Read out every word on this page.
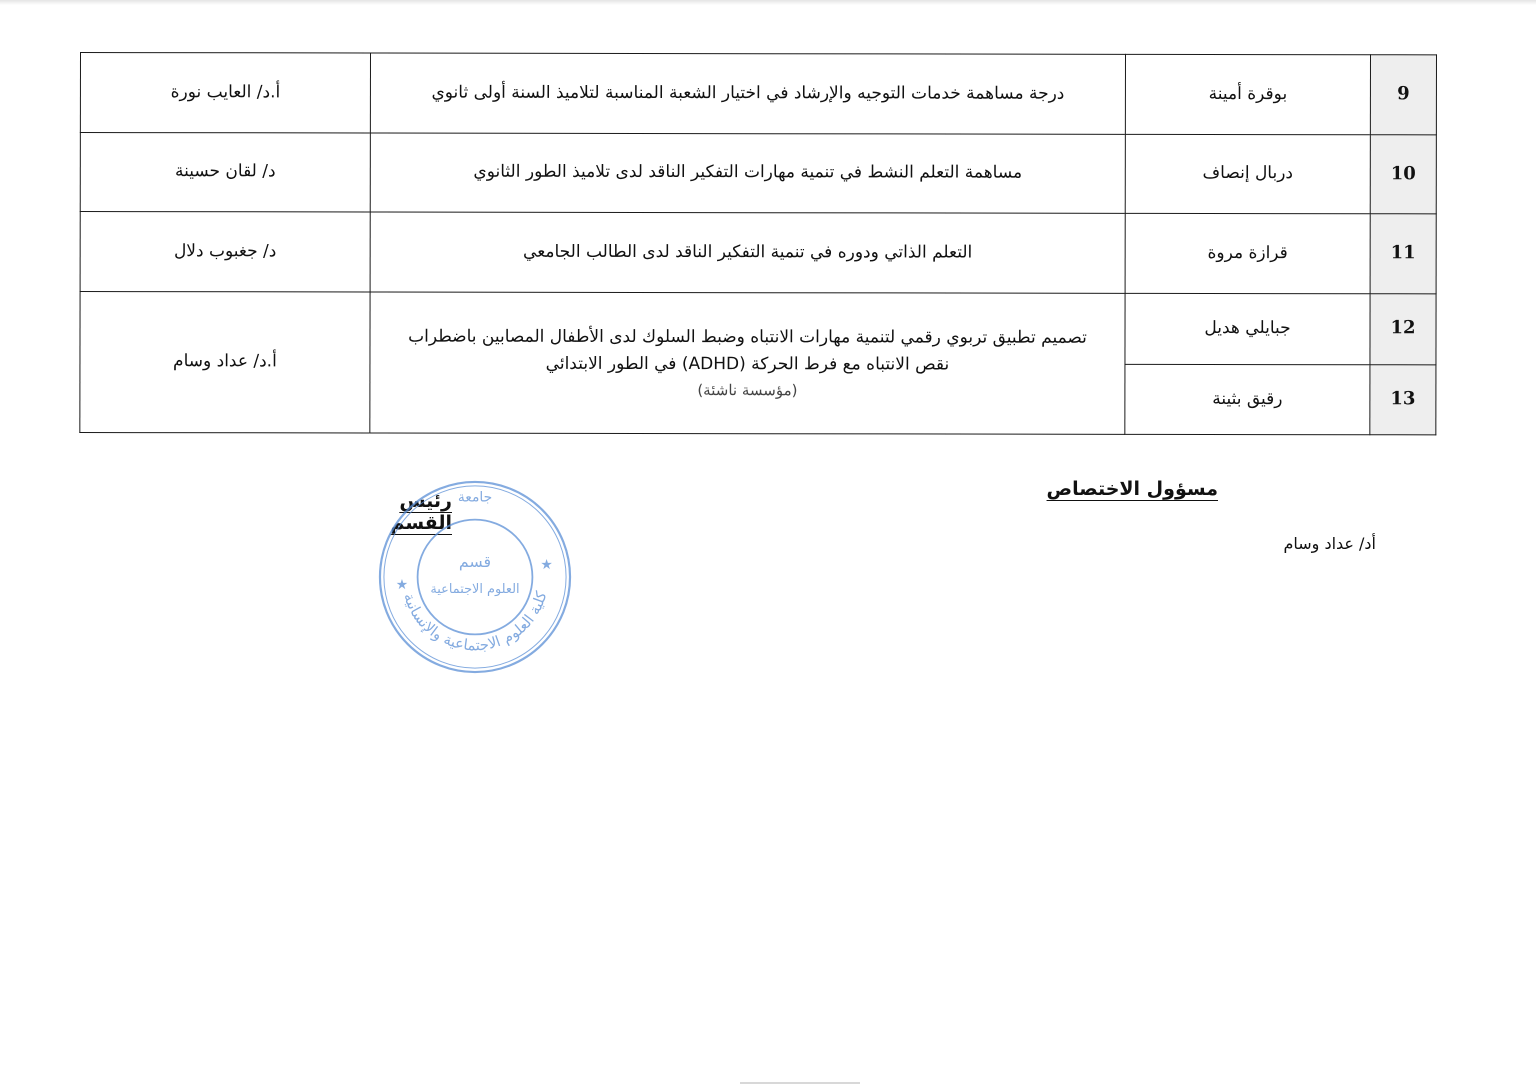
9	بوقرة أمينة	درجة مساهمة خدمات التوجيه والإرشاد في اختيار الشعبة المناسبة لتلاميذ السنة أولى ثانوي	أ.د/ العايب نورة
10	دربال إنصاف	مساهمة التعلم النشط في تنمية مهارات التفكير الناقد لدى تلاميذ الطور الثانوي	د/ لقان حسينة
11	قرازة مروة	التعلم الذاتي ودوره في تنمية التفكير الناقد لدى الطالب الجامعي	د/ جغبوب دلال
12	جبايلي هديل	تصميم تطبيق تربوي رقمي لتنمية مهارات الانتباه وضبط السلوك لدى الأطفال المصابين باضطراب
نقص الانتباه مع فرط الحركة (ADHD) في الطور الابتدائي
(مؤسسة ناشئة)	أ.د/ عداد وسام
13	رقيق بثينة		
مسؤول الاختصاص
أد/ عداد وسام
رئيس القسم
كلية العلوم الاجتماعية والإنسانية
جامعة
قسم
العلوم الاجتماعية
★
★
